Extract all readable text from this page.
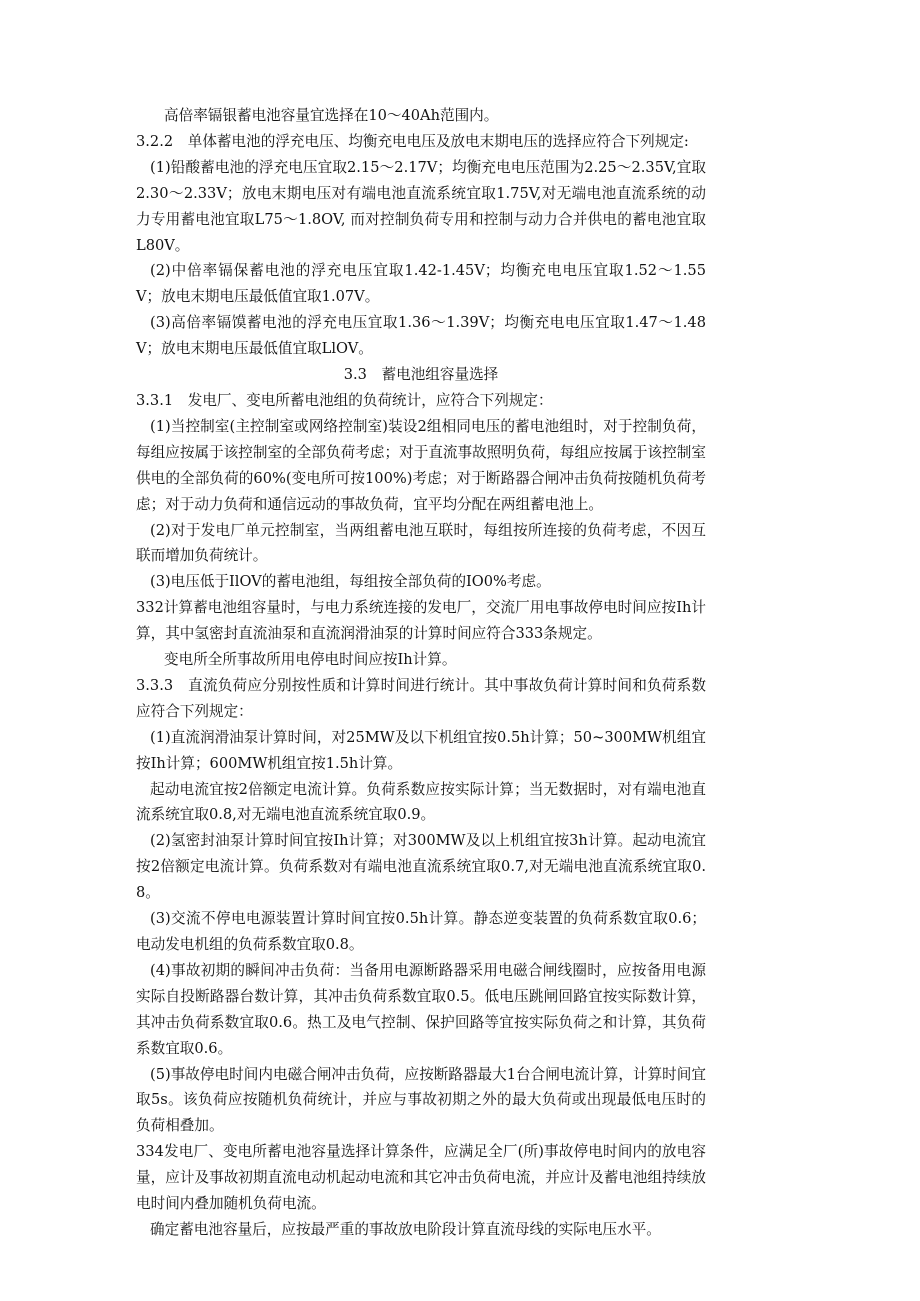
高倍率镉银蓄电池容量宜选择在10～40Ah范围内。

3.2.2　单体蓄电池的浮充电压、均衡充电电压及放电末期电压的选择应符合下列规定:

(1)铅酸蓄电池的浮充电压宜取2.15～2.17V；均衡充电电压范围为2.25～2.35V,宜取2.30～2.33V；放电末期电压对有端电池直流系统宜取1.75V,对无端电池直流系统的动力专用蓄电池宜取L75～1.8OV, 而对控制负荷专用和控制与动力合并供电的蓄电池宜取L80V。

(2)中倍率镉保蓄电池的浮充电压宜取1.42-1.45V；均衡充电电压宜取1.52～1.55V；放电末期电压最低值宜取1.07V。

(3)高倍率镉馍蓄电池的浮充电压宜取1.36～1.39V；均衡充电电压宜取1.47～1.48V；放电末期电压最低值宜取LlOV。

3.3　蓄电池组容量选择

3.3.1　发电厂、变电所蓄电池组的负荷统计，应符合下列规定：

(1)当控制室(主控制室或网络控制室)装设2组相同电压的蓄电池组时，对于控制负荷，每组应按属于该控制室的全部负荷考虑；对于直流事故照明负荷，每组应按属于该控制室供电的全部负荷的60%(变电所可按100%)考虑；对于断路器合闸冲击负荷按随机负荷考虑；对于动力负荷和通信远动的事故负荷，宜平均分配在两组蓄电池上。

(2)对于发电厂单元控制室，当两组蓄电池互联时，每组按所连接的负荷考虑，不因互联而增加负荷统计。

(3)电压低于IlOV的蓄电池组，每组按全部负荷的IO0%考虑。

332计算蓄电池组容量时，与电力系统连接的发电厂，交流厂用电事故停电时间应按Ih计算，其中氢密封直流油泵和直流润滑油泵的计算时间应符合333条规定。

变电所全所事故所用电停电时间应按Ih计算。

3.3.3　直流负荷应分别按性质和计算时间进行统计。其中事故负荷计算时间和负荷系数应符合下列规定：

(1)直流润滑油泵计算时间，对25MW及以下机组宜按0.5h计算；50~300MW机组宜按Ih计算；600MW机组宜按1.5h计算。

起动电流宜按2倍额定电流计算。负荷系数应按实际计算；当无数据时，对有端电池直流系统宜取0.8,对无端电池直流系统宜取0.9。

(2)氢密封油泵计算时间宜按Ih计算；对300MW及以上机组宜按3h计算。起动电流宜按2倍额定电流计算。负荷系数对有端电池直流系统宜取0.7,对无端电池直流系统宜取0.8。

(3)交流不停电电源装置计算时间宜按0.5h计算。静态逆变装置的负荷系数宜取0.6；电动发电机组的负荷系数宜取0.8。

(4)事故初期的瞬间冲击负荷：当备用电源断路器采用电磁合闸线圈时，应按备用电源实际自投断路器台数计算，其冲击负荷系数宜取0.5。低电压跳闸回路宜按实际数计算，其冲击负荷系数宜取0.6。热工及电气控制、保护回路等宜按实际负荷之和计算，其负荷系数宜取0.6。

(5)事故停电时间内电磁合闸冲击负荷，应按断路器最大1台合闸电流计算，计算时间宜取5s。该负荷应按随机负荷统计，并应与事故初期之外的最大负荷或出现最低电压时的负荷相叠加。

334发电厂、变电所蓄电池容量选择计算条件，应满足全厂(所)事故停电时间内的放电容量，应计及事故初期直流电动机起动电流和其它冲击负荷电流，并应计及蓄电池组持续放电时间内叠加随机负荷电流。

确定蓄电池容量后，应按最严重的事故放电阶段计算直流母线的实际电压水平。
